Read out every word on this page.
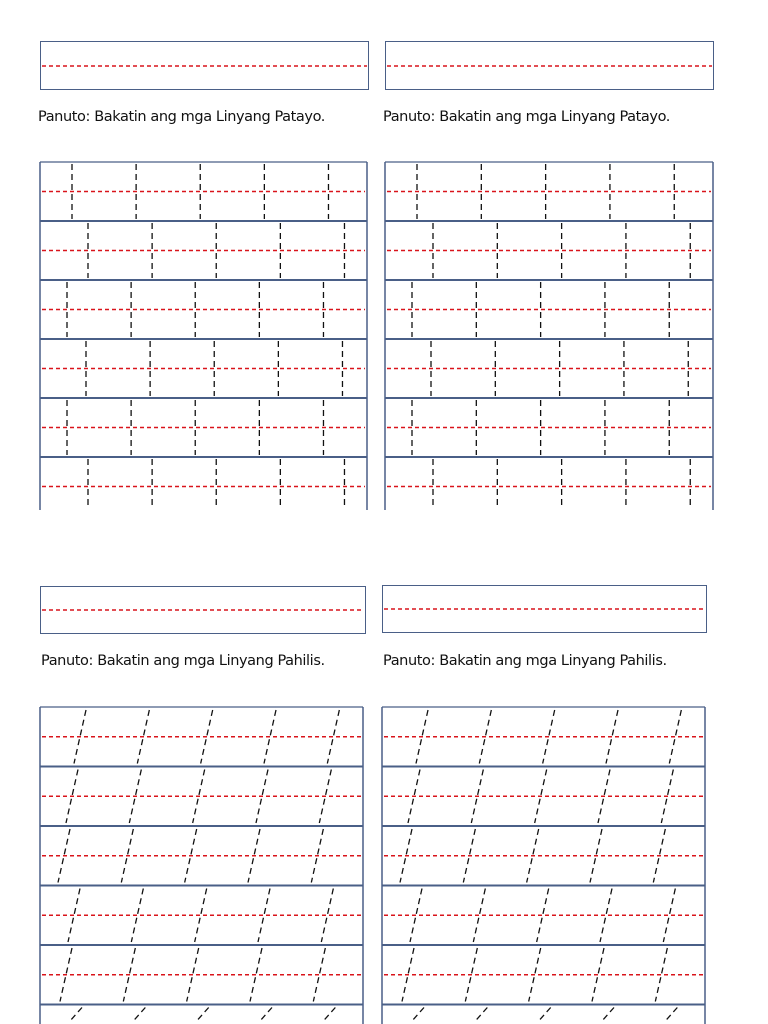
Panuto: Bakatin ang mga Linyang Patayo.	Panuto: Bakatin ang mga Linyang Patayo.
Panuto: Bakatin ang mga Linyang Pahilis.	Panuto: Bakatin ang mga Linyang Pahilis.
